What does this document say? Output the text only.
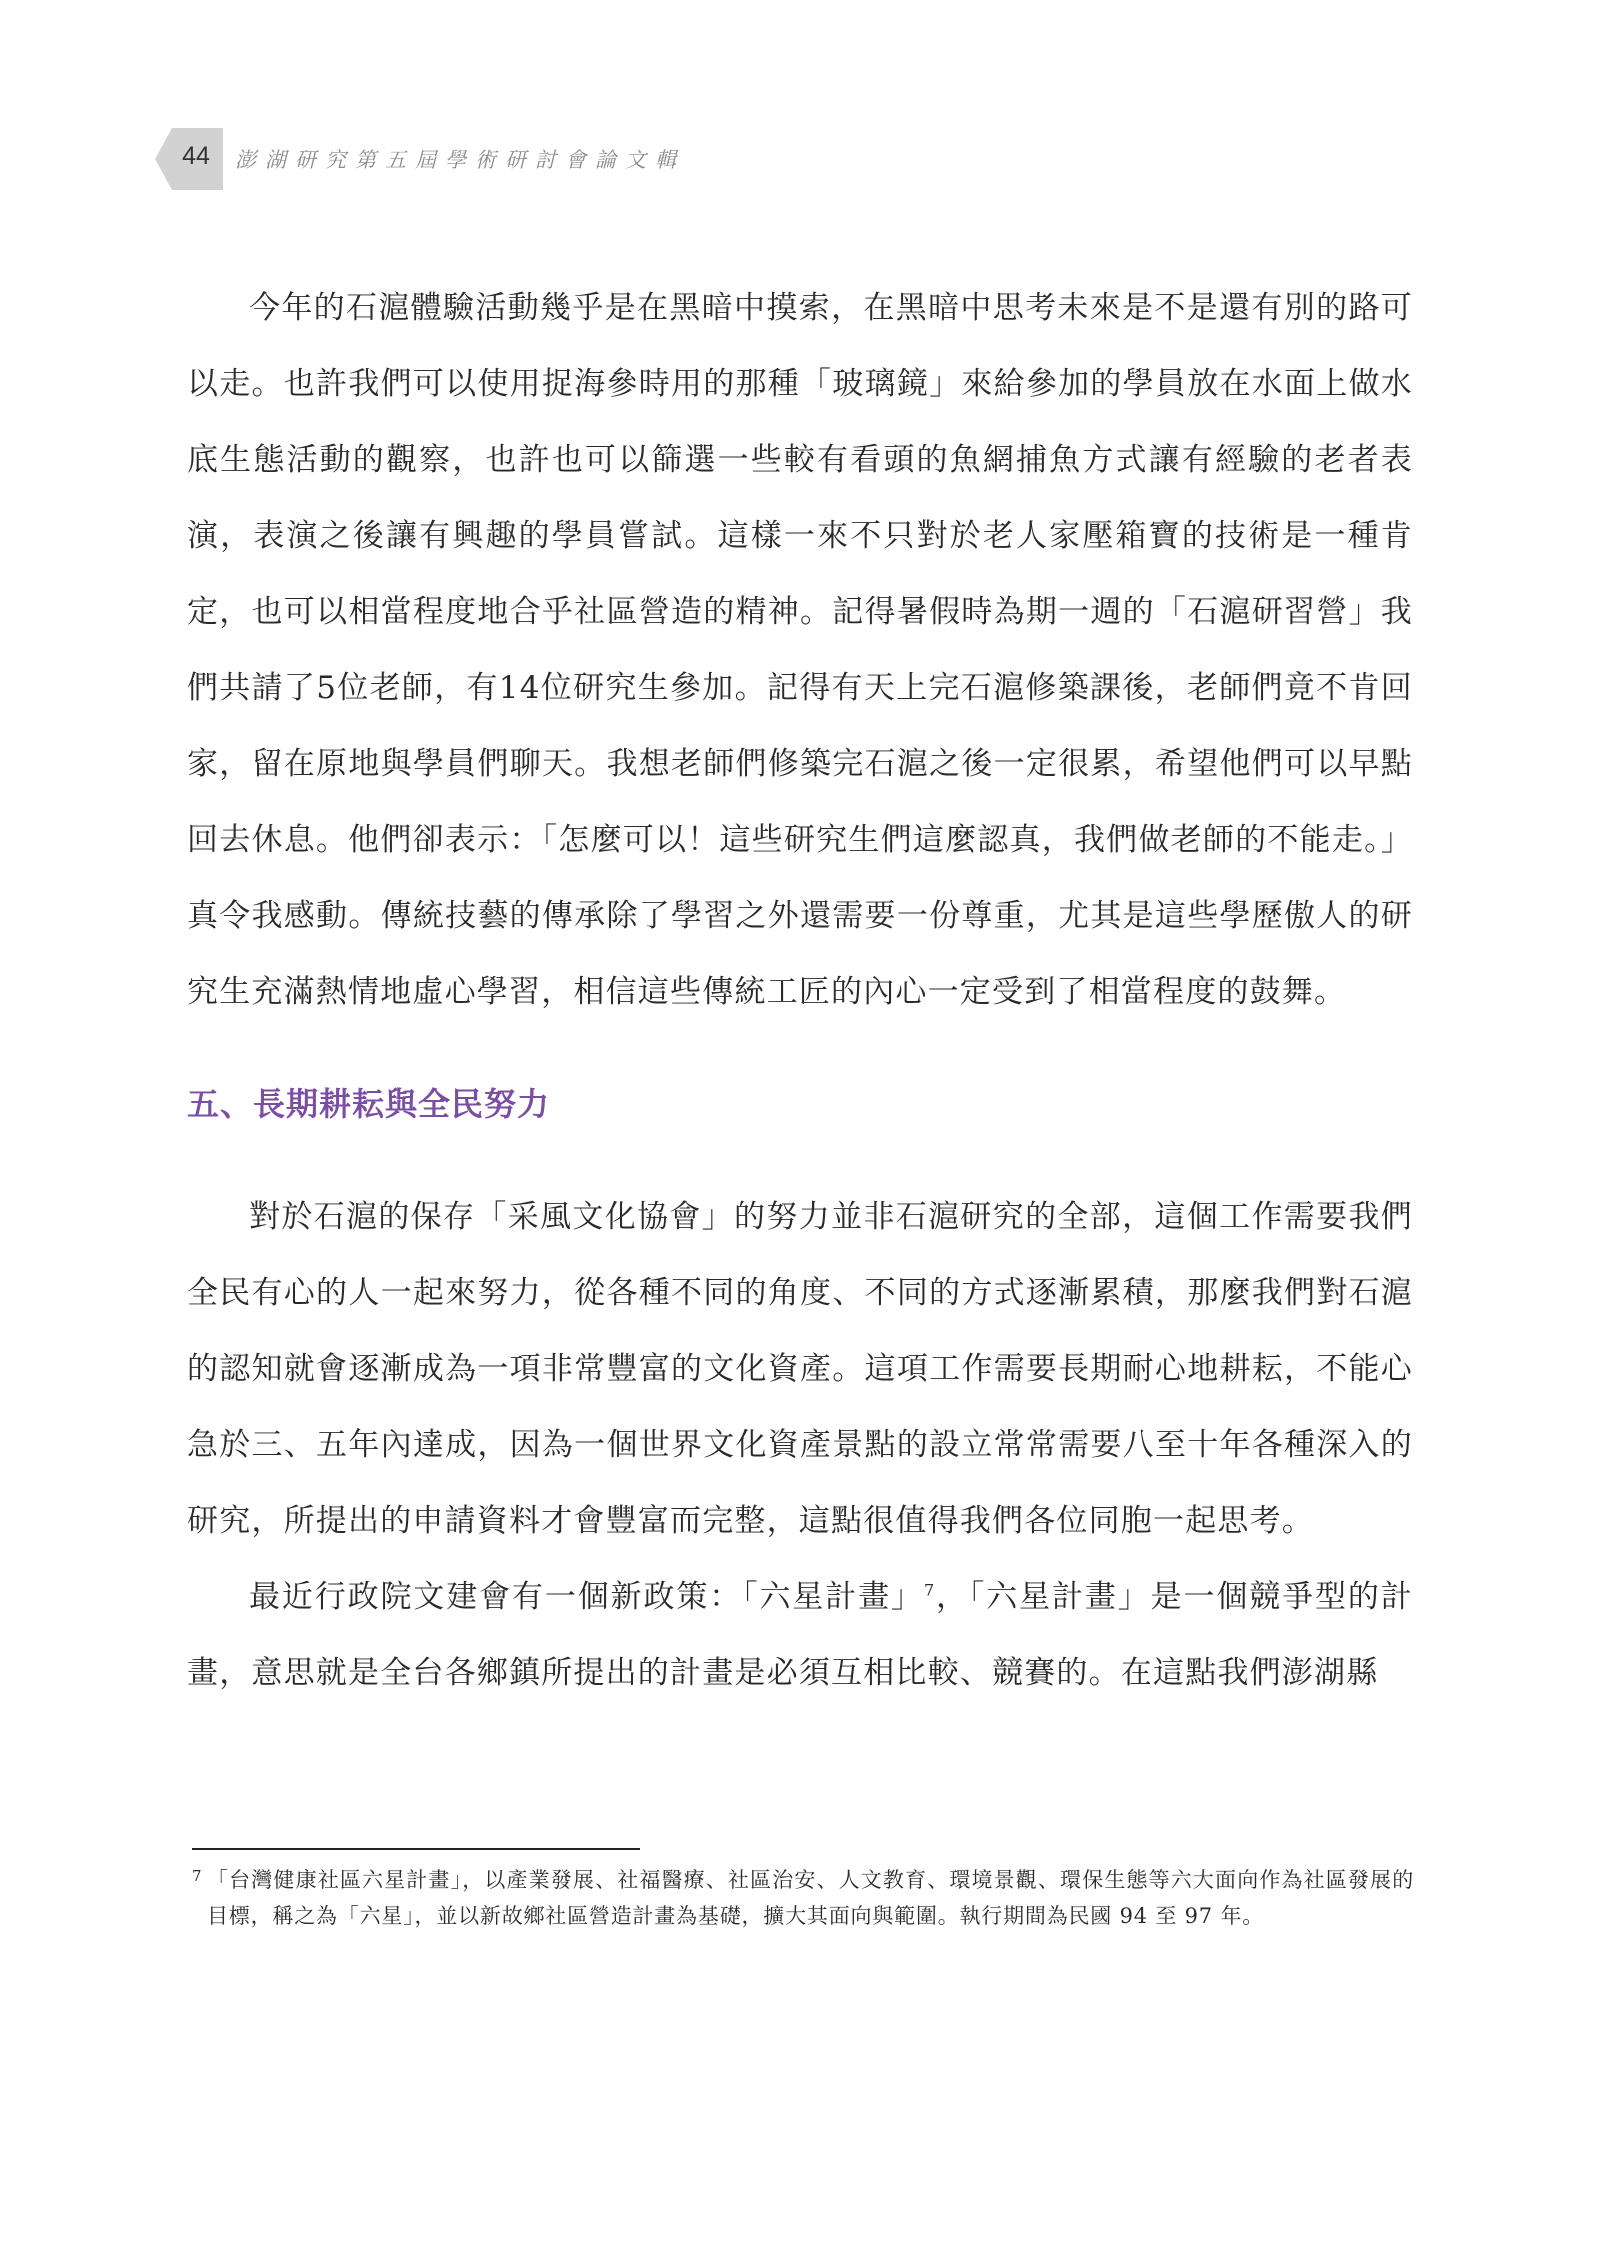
44	澎湖研究第五屆學術研討會論文輯

今年的石滬體驗活動幾乎是在黑暗中摸索，在黑暗中思考未來是不是還有別的路可以走。也許我們可以使用捉海參時用的那種「玻璃鏡」來給參加的學員放在水面上做水底生態活動的觀察，也許也可以篩選一些較有看頭的魚網捕魚方式讓有經驗的老者表演，表演之後讓有興趣的學員嘗試。這樣一來不只對於老人家壓箱寶的技術是一種肯定，也可以相當程度地合乎社區營造的精神。記得暑假時為期一週的「石滬研習營」我們共請了5位老師，有14位研究生參加。記得有天上完石滬修築課後，老師們竟不肯回家，留在原地與學員們聊天。我想老師們修築完石滬之後一定很累，希望他們可以早點回去休息。他們卻表示：「怎麼可以！這些研究生們這麼認真，我們做老師的不能走。」真令我感動。傳統技藝的傳承除了學習之外還需要一份尊重，尤其是這些學歷傲人的研究生充滿熱情地虛心學習，相信這些傳統工匠的內心一定受到了相當程度的鼓舞。

五、長期耕耘與全民努力

對於石滬的保存「采風文化協會」的努力並非石滬研究的全部，這個工作需要我們全民有心的人一起來努力，從各種不同的角度、不同的方式逐漸累積，那麼我們對石滬的認知就會逐漸成為一項非常豐富的文化資產。這項工作需要長期耐心地耕耘，不能心急於三、五年內達成，因為一個世界文化資產景點的設立常常需要八至十年各種深入的研究，所提出的申請資料才會豐富而完整，這點很值得我們各位同胞一起思考。

最近行政院文建會有一個新政策：「六星計畫」$^7$，「六星計畫」是一個競爭型的計畫，意思就是全台各鄉鎮所提出的計畫是必須互相比較、競賽的。在這點我們澎湖縣

7 「台灣健康社區六星計畫」，以產業發展、社福醫療、社區治安、人文教育、環境景觀、環保生態等六大面向作為社區發展的目標，稱之為「六星」，並以新故鄉社區營造計畫為基礎，擴大其面向與範圍。執行期間為民國 94 至 97 年。
